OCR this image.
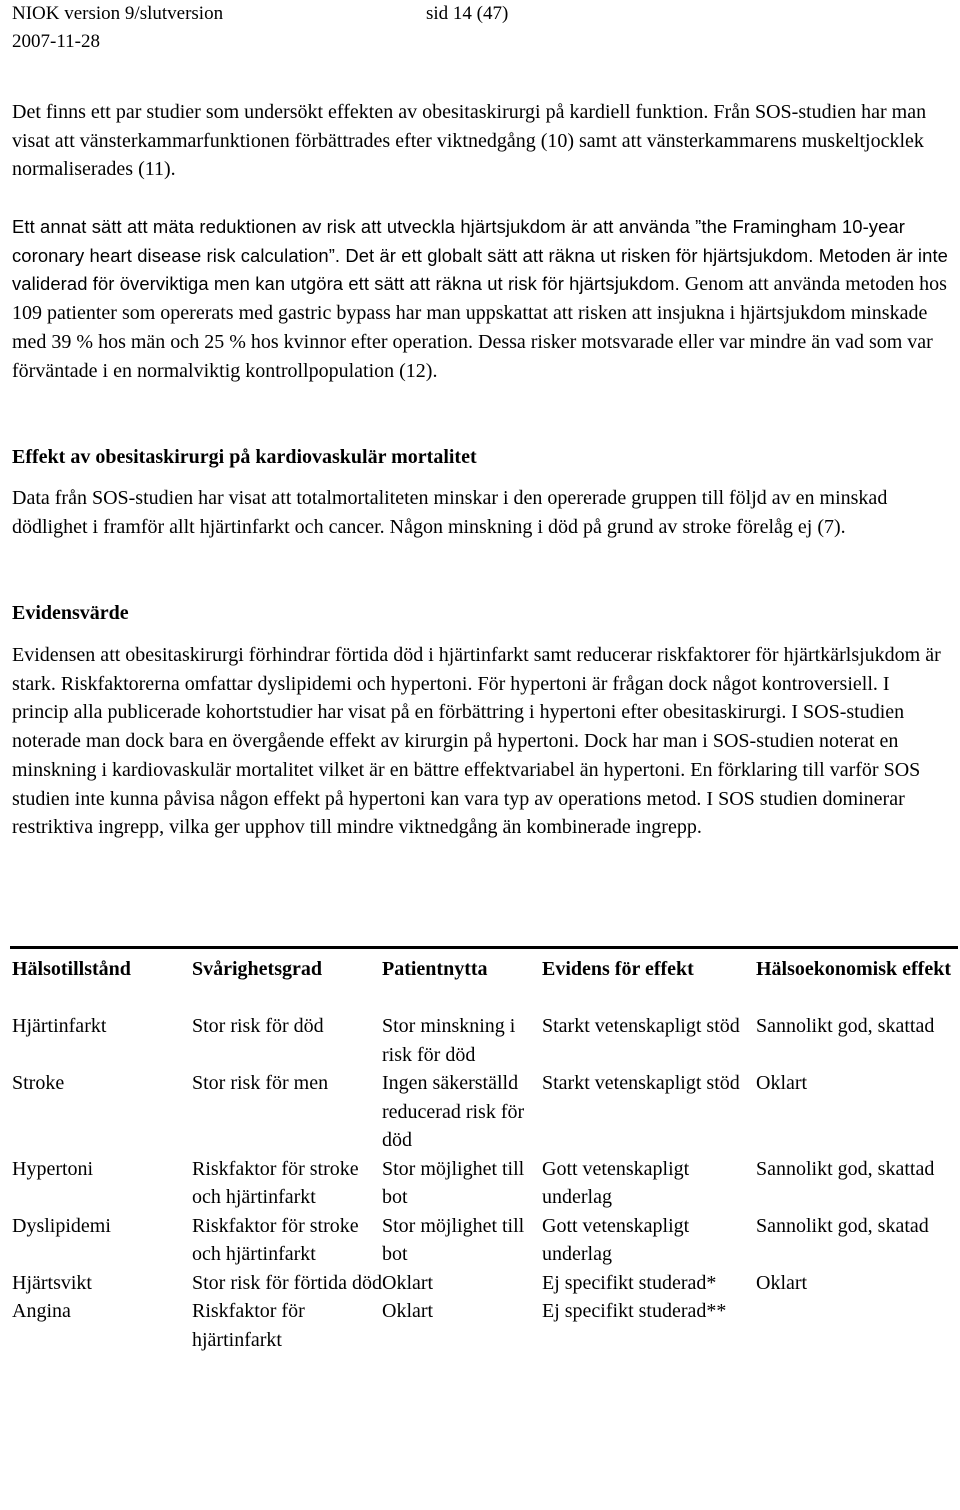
NIOK version 9/slutversion	sid 14 (47)
2007-11-28

Det finns ett par studier som undersökt effekten av obesitaskirurgi på kardiell funktion. Från SOS-studien har man visat att vänsterkammarfunktionen förbättrades efter viktnedgång (10) samt att vänsterkammarens muskeltjocklek normaliserades (11).

Ett annat sätt att mäta reduktionen av risk att utveckla hjärtsjukdom är att använda ”the Framingham 10-year coronary heart disease risk calculation”. Det är ett globalt sätt att räkna ut risken för hjärtsjukdom. Metoden är inte validerad för överviktiga men kan utgöra ett sätt att räkna ut risk för hjärtsjukdom. Genom att använda metoden hos 109 patienter som opererats med gastric bypass har man uppskattat att risken att insjukna i hjärtsjukdom minskade med 39 % hos män och 25 % hos kvinnor efter operation. Dessa risker motsvarade eller var mindre än vad som var förväntade i en normalviktig kontrollpopulation (12).

Effekt av obesitaskirurgi på kardiovaskulär mortalitet

Data från SOS-studien har visat att totalmortaliteten minskar i den opererade gruppen till följd av en minskad dödlighet i framför allt hjärtinfarkt och cancer. Någon minskning i död på grund av stroke förelåg ej (7).

Evidensvärde

Evidensen att obesitaskirurgi förhindrar förtida död i hjärtinfarkt samt reducerar riskfaktorer för hjärtkärlsjukdom är stark. Riskfaktorerna omfattar dyslipidemi och hypertoni. För hypertoni är frågan dock något kontroversiell. I princip alla publicerade kohortstudier har visat på en förbättring i hypertoni efter obesitaskirurgi. I SOS-studien noterade man dock bara en övergående effekt av kirurgin på hypertoni. Dock har man i SOS-studien noterat en minskning i kardiovaskulär mortalitet vilket är en bättre effektvariabel än hypertoni. En förklaring till varför SOS studien inte kunna påvisa någon effekt på hypertoni kan vara typ av operations metod. I SOS studien dominerar restriktiva ingrepp, vilka ger upphov till mindre viktnedgång än kombinerade ingrepp.

Hälsotillstånd	Svårighetsgrad	Patientnytta	Evidens för effekt	Hälsoekonomisk effekt
Hjärtinfarkt	Stor risk för död	Stor minskning i risk för död	Starkt vetenskapligt stöd	Sannolikt god, skattad
Stroke	Stor risk för men	Ingen säkerställd reducerad risk för död	Starkt vetenskapligt stöd	Oklart
Hypertoni	Riskfaktor för stroke och hjärtinfarkt	Stor möjlighet till bot	Gott vetenskapligt underlag	Sannolikt god, skattad
Dyslipidemi	Riskfaktor för stroke och hjärtinfarkt	Stor möjlighet till bot	Gott vetenskapligt underlag	Sannolikt god, skatad
Hjärtsvikt	Stor risk för förtida död	Oklart	Ej specifikt studerad*	Oklart
Angina	Riskfaktor för hjärtinfarkt	Oklart	Ej specifikt studerad**	
